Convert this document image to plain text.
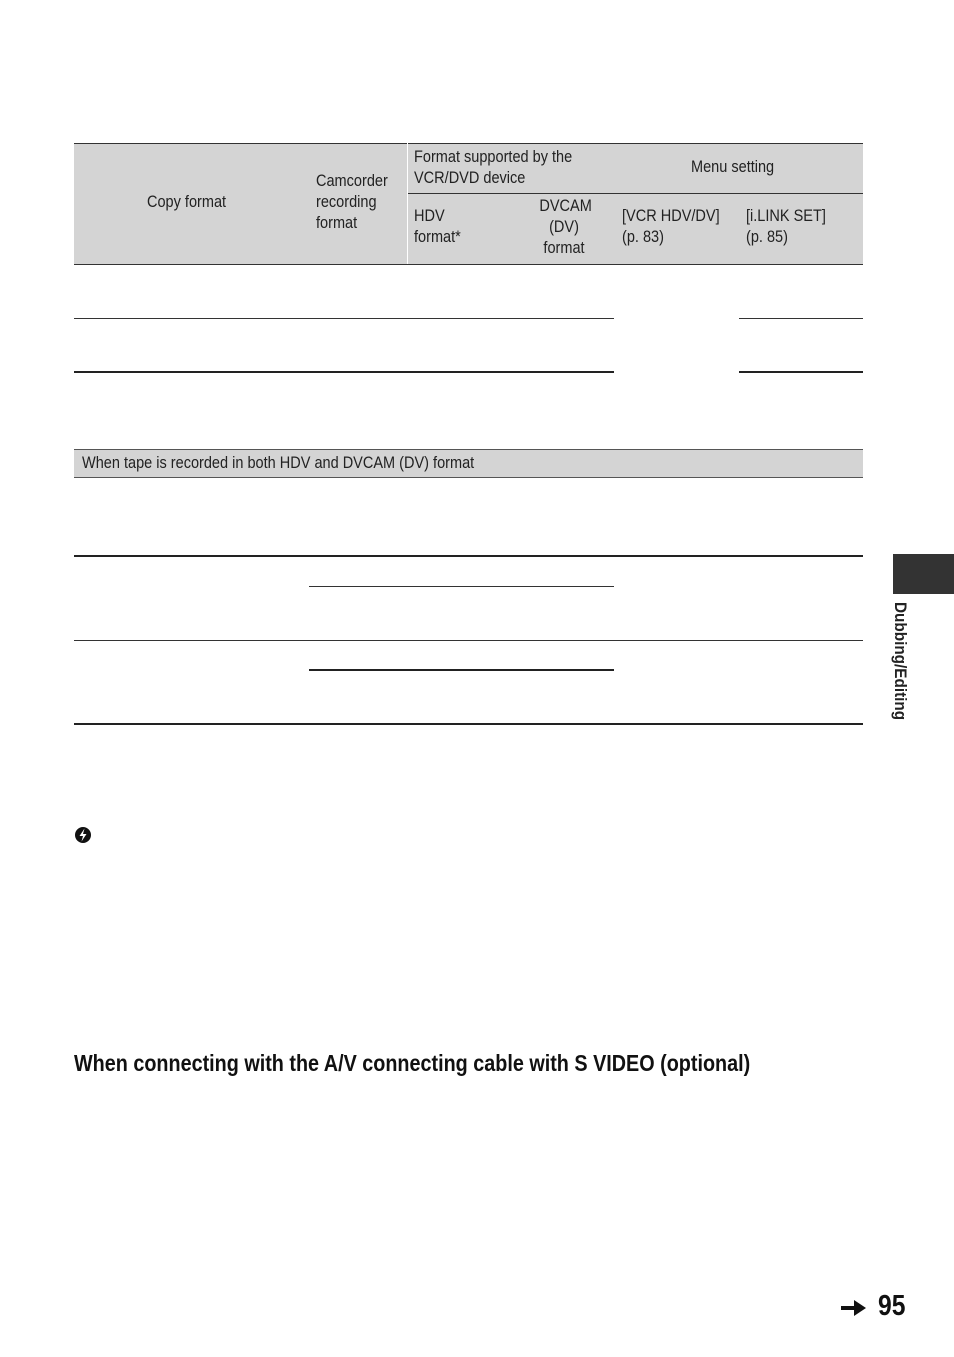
Copy format
Camcorder
recording
format
Format supported by the
VCR/DVD device
Menu setting
HDV
format*
DVCAM
(DV)
format
[VCR HDV/DV]
(p. 83)
[i.LINK SET]
(p. 85)
When tape is recorded in both HDV and DVCAM (DV) format
Dubbing/Editing
When connecting with the A/V connecting cable with S VIDEO (optional)
95
